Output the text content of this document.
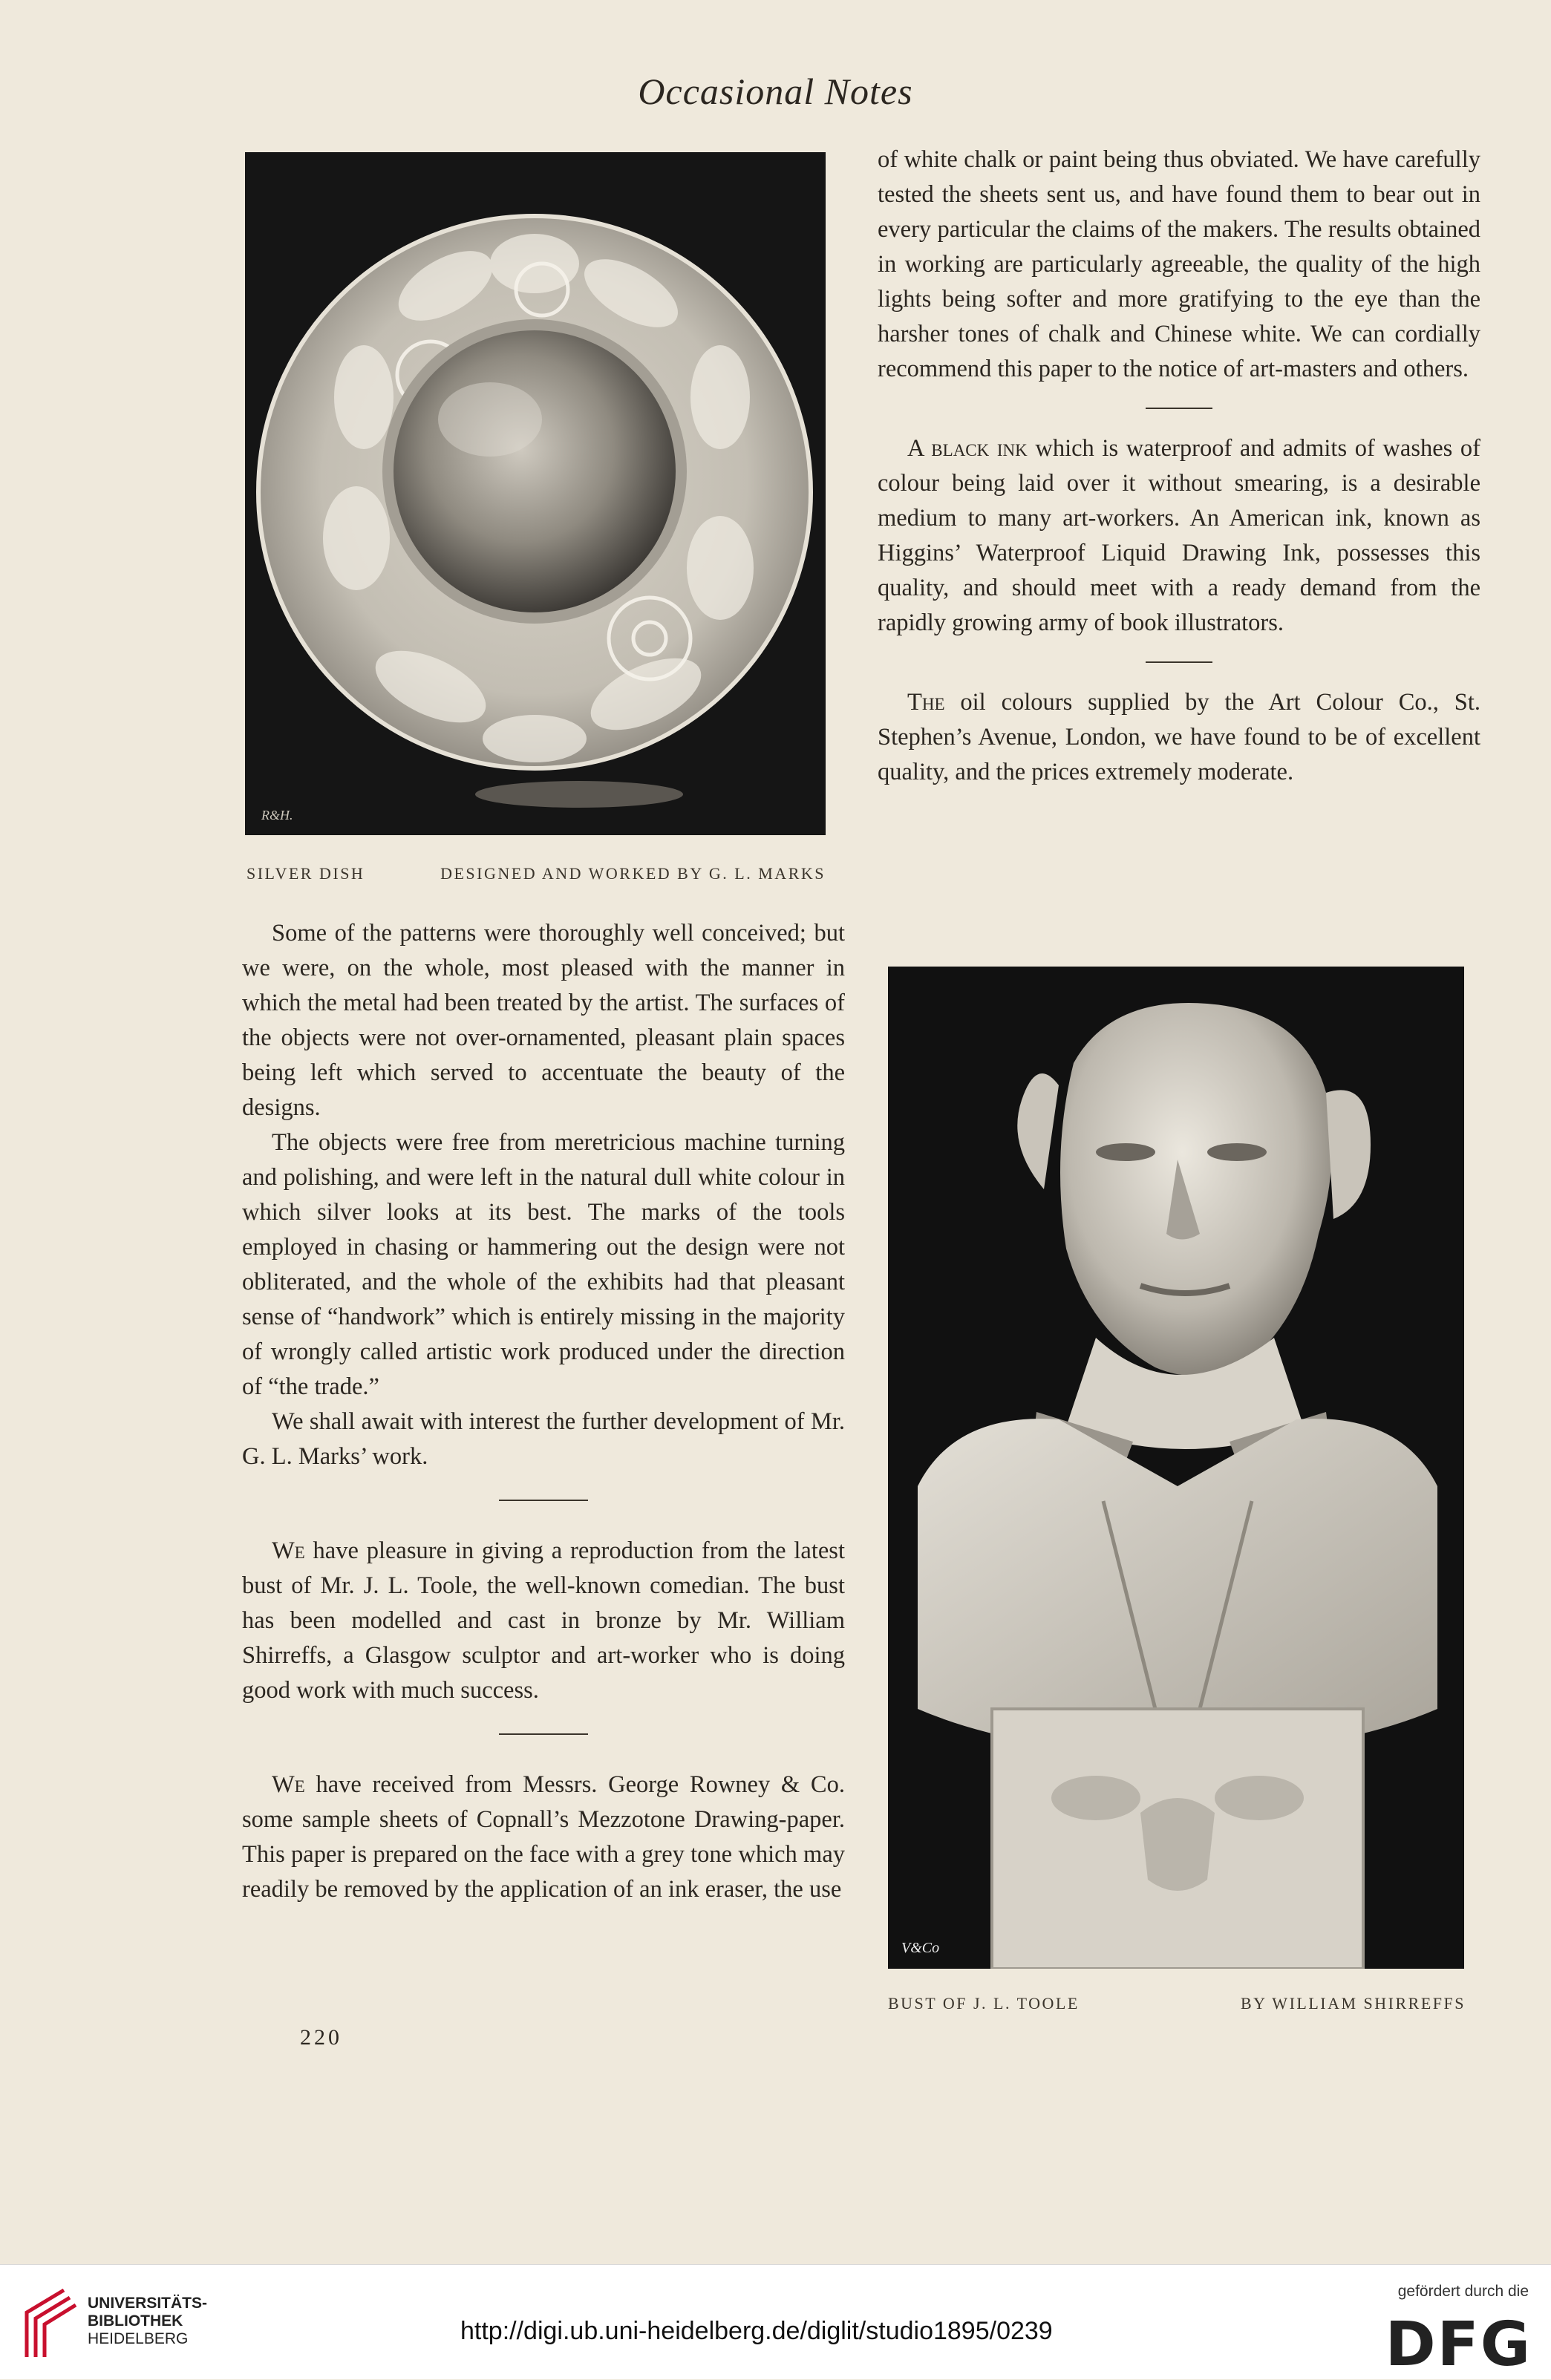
Occasional Notes
R&H.
SILVER DISH	DESIGNED AND WORKED BY G. L. MARKS

Some of the patterns were thoroughly well conceived; but we were, on the whole, most pleased with the manner in which the metal had been treated by the artist. The surfaces of the objects were not over-ornamented, pleasant plain spaces being left which served to accentuate the beauty of the designs.

The objects were free from meretricious machine turning and polishing, and were left in the natural dull white colour in which silver looks at its best. The marks of the tools employed in chasing or hammering out the design were not obliterated, and the whole of the exhibits had that pleasant sense of “handwork” which is entirely missing in the majority of wrongly called artistic work produced under the direction of “the trade.”

We shall await with interest the further development of Mr. G. L. Marks’ work.

We have pleasure in giving a reproduction from the latest bust of Mr. J. L. Toole, the well-known comedian. The bust has been modelled and cast in bronze by Mr. William Shirreffs, a Glasgow sculptor and art-worker who is doing good work with much success.

We have received from Messrs. George Rowney & Co. some sample sheets of Copnall’s Mezzotone Drawing-paper. This paper is prepared on the face with a grey tone which may readily be removed by the application of an ink eraser, the use

220

of white chalk or paint being thus obviated. We have carefully tested the sheets sent us, and have found them to bear out in every particular the claims of the makers. The results obtained in working are particularly agreeable, the quality of the high lights being softer and more gratifying to the eye than the harsher tones of chalk and Chinese white. We can cordially recommend this paper to the notice of art-masters and others.

A black ink which is waterproof and admits of washes of colour being laid over it without smearing, is a desirable medium to many art-workers. An American ink, known as Higgins’ Waterproof Liquid Drawing Ink, possesses this quality, and should meet with a ready demand from the rapidly growing army of book illustrators.

The oil colours supplied by the Art Colour Co., St. Stephen’s Avenue, London, we have found to be of excellent quality, and the prices extremely moderate.

V&Co
BUST OF J. L. TOOLE	BY WILLIAM SHIRREFFS
UNIVERSITÄTS-
BIBLIOTHEK
HEIDELBERG	http://digi.ub.uni-heidelberg.de/diglit/studio1895/0239
gefördert durch die
DFG
